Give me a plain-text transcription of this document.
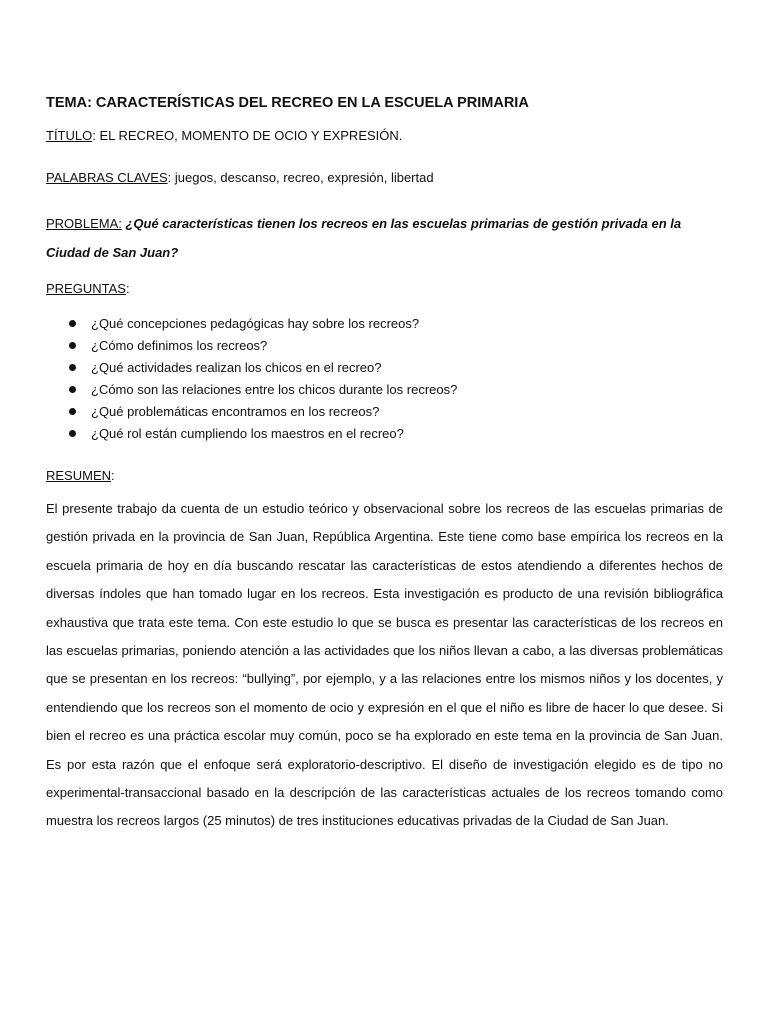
TEMA: CARACTERÍSTICAS DEL RECREO EN LA ESCUELA PRIMARIA

TÍTULO: EL RECREO, MOMENTO DE OCIO Y EXPRESIÓN.

PALABRAS CLAVES: juegos, descanso, recreo, expresión, libertad

PROBLEMA: ¿Qué características tienen los recreos en las escuelas primarias de gestión privada en la Ciudad de San Juan?

PREGUNTAS:

¿Qué concepciones pedagógicas hay sobre los recreos?
¿Cómo definimos los recreos?
¿Qué actividades realizan los chicos en el recreo?
¿Cómo son las relaciones entre los chicos durante los recreos?
¿Qué problemáticas encontramos en los recreos?
¿Qué rol están cumpliendo los maestros en el recreo?

RESUMEN:

El presente trabajo da cuenta de un estudio teórico y observacional sobre los recreos de las escuelas primarias de gestión privada en la provincia de San Juan, República Argentina. Este tiene como base empírica los recreos en la escuela primaria de hoy en día buscando rescatar las características de estos atendiendo a diferentes hechos de diversas índoles que han tomado lugar en los recreos. Esta investigación es producto de una revisión bibliográfica exhaustiva que trata este tema. Con este estudio lo que se busca es presentar las características de los recreos en las escuelas primarias, poniendo atención a las actividades que los niños llevan a cabo, a las diversas problemáticas que se presentan en los recreos: “bullying”, por ejemplo, y a las relaciones entre los mismos niños y los docentes, y entendiendo que los recreos son el momento de ocio y expresión en el que el niño es libre de hacer lo que desee. Si bien el recreo es una práctica escolar muy común, poco se ha explorado en este tema en la provincia de San Juan. Es por esta razón que el enfoque será exploratorio-descriptivo. El diseño de investigación elegido es de tipo no experimental-transaccional basado en la descripción de las características actuales de los recreos tomando como muestra los recreos largos (25 minutos) de tres instituciones educativas privadas de la Ciudad de San Juan.
